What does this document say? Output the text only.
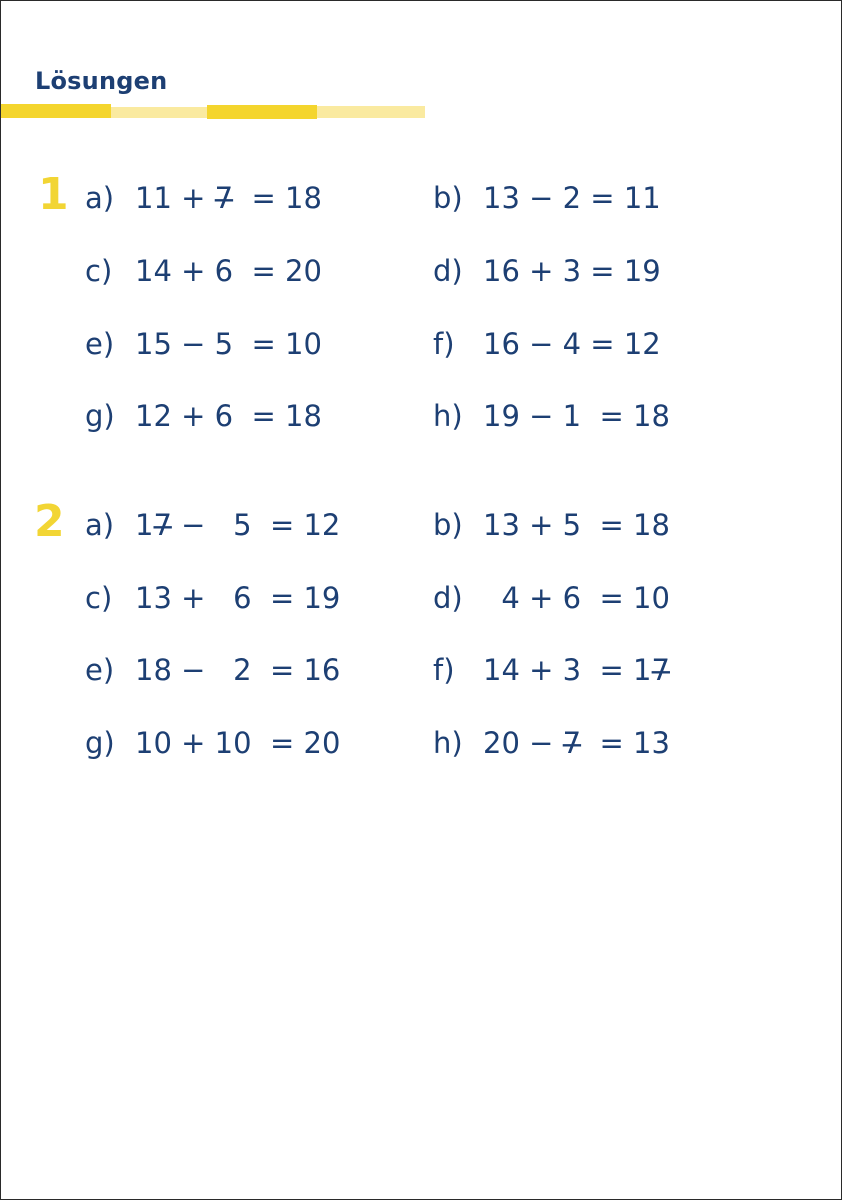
Lösungen
1 a) 11 + 7̶  = 18	b) 13 − 2 = 11
c) 14 + 6  = 20	d) 16 + 3 = 19
e) 15 − 5  = 10	f) 16 − 4 = 12
g) 12 + 6  = 18	h) 19 − 1  = 18
2 a) 17̶ −   5  = 12	b) 13 + 5  = 18
c) 13 +   6  = 19	d) 4 + 6  = 10
e) 18 −   2  = 16	f) 14 + 3  = 17̶
g) 10 + 10  = 20	h) 20 − 7̶  = 13
